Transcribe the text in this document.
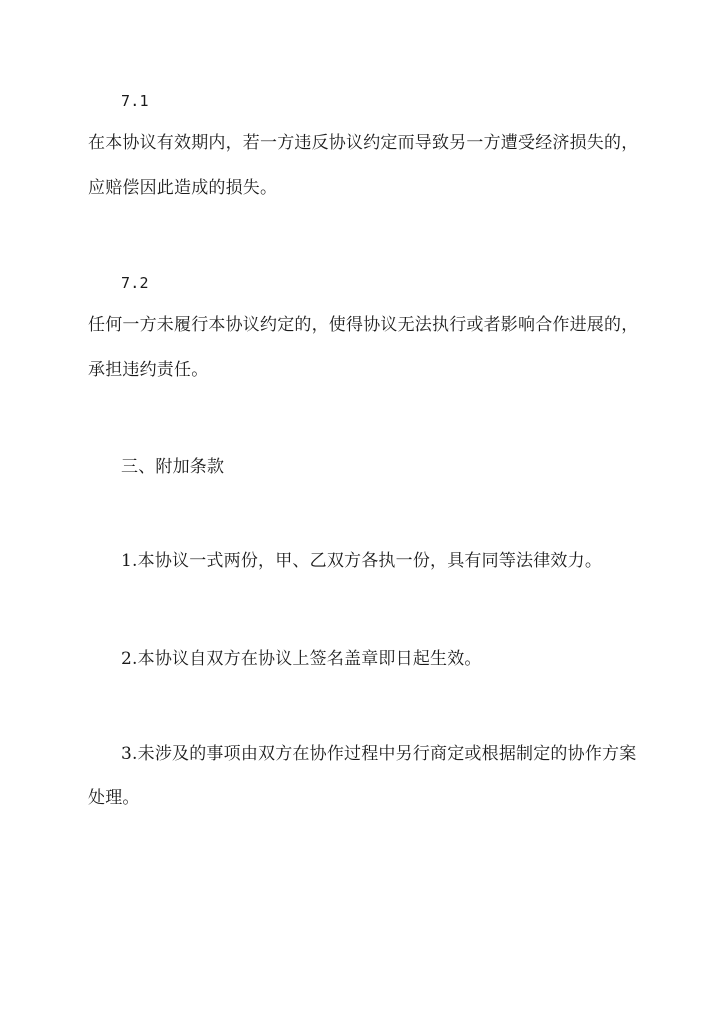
7.1
在本协议有效期内，若一方违反协议约定而导致另一方遭受经济损失的，
应赔偿因此造成的损失。
7.2
任何一方未履行本协议约定的，使得协议无法执行或者影响合作进展的，
承担违约责任。
三、附加条款
1.本协议一式两份，甲、乙双方各执一份，具有同等法律效力。
2.本协议自双方在协议上签名盖章即日起生效。
3.未涉及的事项由双方在协作过程中另行商定或根据制定的协作方案
处理。
